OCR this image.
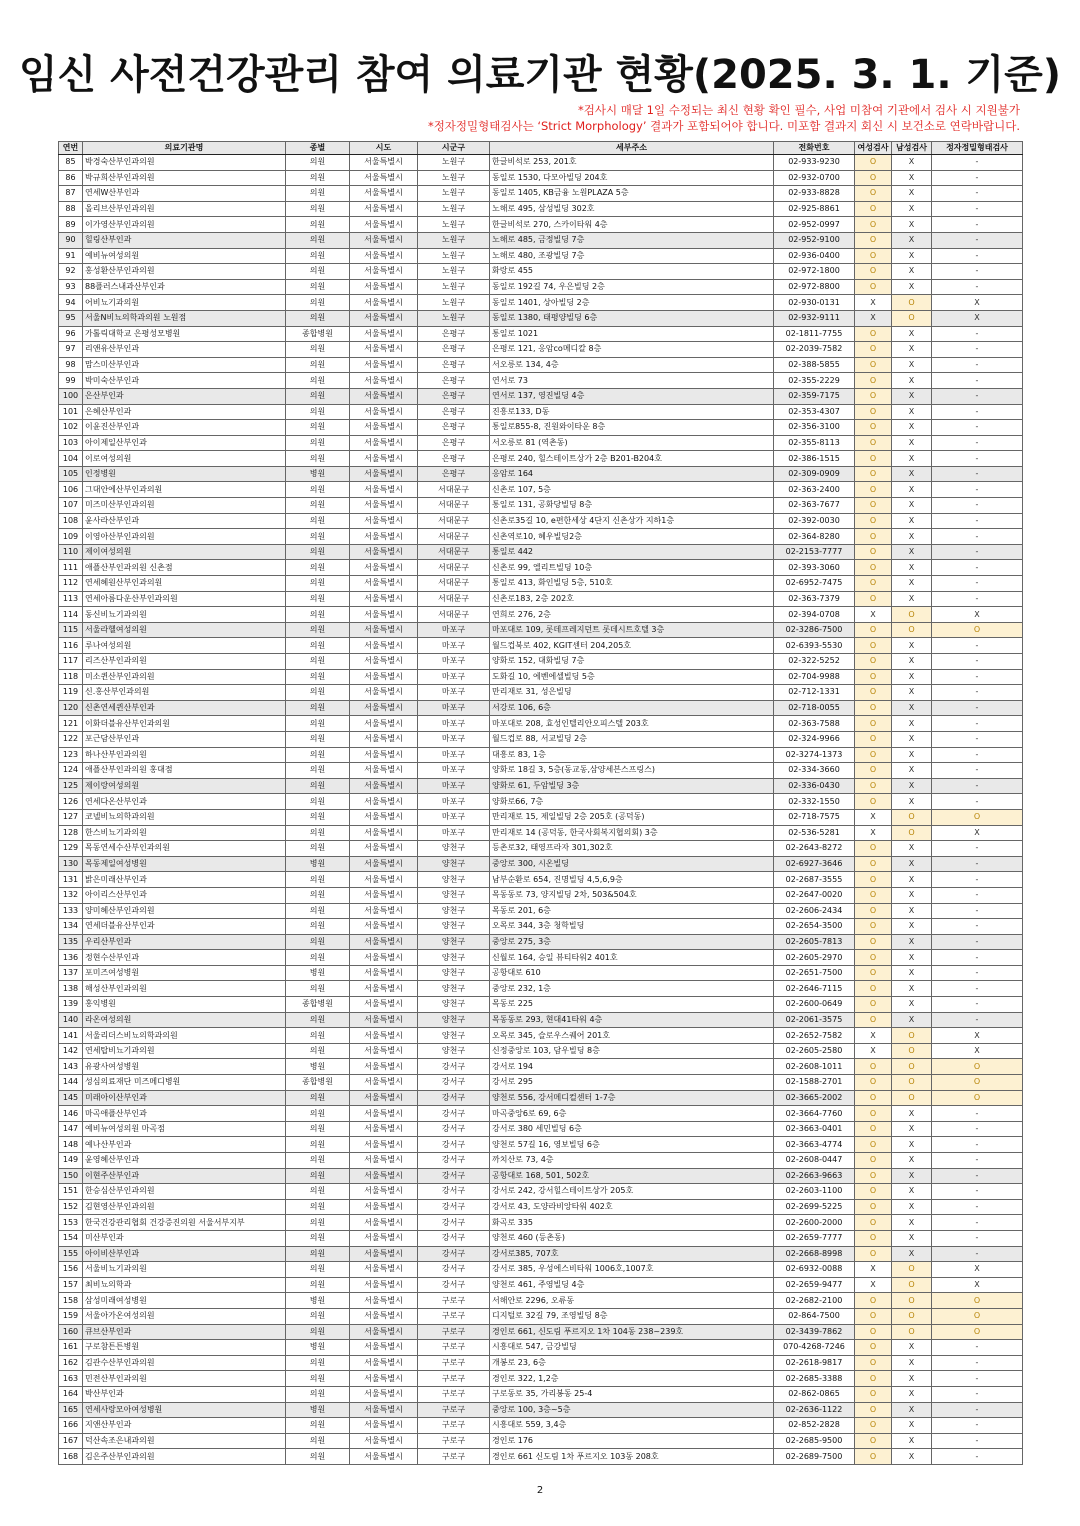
임신 사전건강관리 참여 의료기관 현황(2025. 3. 1. 기준)
*검사시 매달 1일 수정되는 최신 현황 확인 필수, 사업 미참여 기관에서 검사 시 지원불가
*정자정밀형태검사는 ‘Strict Morphology’ 결과가 포함되어야 합니다. 미포함 결과지 회신 시 보건소로 연락바랍니다.
연번	의료기관명	종별	시도	시군구	세부주소	전화번호	여성검사	남성검사	정자정밀형태검사
85	박경숙산부인과의원	의원	서울특별시	노원구	한글비석로 253, 201호	02-933-9230	O	X	-
86	박규희산부인과의원	의원	서울특별시	노원구	동일로 1530, 다모아빌딩 204호	02-932-0700	O	X	-
87	연세W산부인과	의원	서울특별시	노원구	동일로 1405, KB금융 노원PLAZA 5층	02-933-8828	O	X	-
88	올리브산부인과의원	의원	서울특별시	노원구	노해로 495, 삼성빌딩 302호	02-925-8861	O	X	-
89	이가영산부인과의원	의원	서울특별시	노원구	한글비석로 270, 스카이타워 4층	02-952-0997	O	X	-
90	힐링산부인과	의원	서울특별시	노원구	노해로 485, 금정빌딩 7층	02-952-9100	O	X	-
91	예비뉴여성의원	의원	서울특별시	노원구	노해로 480, 조광빌딩 7층	02-936-0400	O	X	-
92	홍성환산부인과의원	의원	서울특별시	노원구	화랑로 455	02-972-1800	O	X	-
93	88플러스내과산부인과	의원	서울특별시	노원구	동일로 192길 74, 우은빌딩 2층	02-972-8800	O	X	-
94	어비뇨기과의원	의원	서울특별시	노원구	동일로 1401, 상아빌딩 2층	02-930-0131	X	O	X
95	서울N비뇨의학과의원 노원점	의원	서울특별시	노원구	동일로 1380, 태평양빌딩 6층	02-932-9111	X	O	X
96	가톨릭대학교 은평성모병원	종합병원	서울특별시	은평구	통일로 1021	02-1811-7755	O	X	-
97	리앤유산부인과	의원	서울특별시	은평구	은평로 121, 응암co메디칼 8층	02-2039-7582	O	X	-
98	맘스미산부인과	의원	서울특별시	은평구	서오릉로 134, 4층	02-388-5855	O	X	-
99	박미숙산부인과	의원	서울특별시	은평구	연서로 73	02-355-2229	O	X	-
100	은산부인과	의원	서울특별시	은평구	연서로 137, 영진빌딩 4층	02-359-7175	O	X	-
101	은혜산부인과	의원	서울특별시	은평구	진흥로133, D동	02-353-4307	O	X	-
102	이윤진산부인과	의원	서울특별시	은평구	통일로855-8, 진원와이타운 8층	02-356-3100	O	X	-
103	아이제일산부인과	의원	서울특별시	은평구	서오릉로 81 (역촌동)	02-355-8113	O	X	-
104	이로여성의원	의원	서울특별시	은평구	은평로 240, 힐스테이트상가 2층 B201-B204호	02-386-1515	O	X	-
105	인정병원	병원	서울특별시	은평구	응암로 164	02-309-0909	O	X	-
106	그대안에산부인과의원	의원	서울특별시	서대문구	신촌로 107, 5층	02-363-2400	O	X	-
107	미즈미산부인과의원	의원	서울특별시	서대문구	통일로 131, 공화당빌딩 8층	02-363-7677	O	X	-
108	윤사라산부인과	의원	서울특별시	서대문구	신촌로35길 10, e편한세상 4단지 신촌상가 지하1층	02-392-0030	O	X	-
109	이영아산부인과의원	의원	서울특별시	서대문구	신촌역로10, 혜우빌딩2층	02-364-8280	O	X	-
110	제이여성의원	의원	서울특별시	서대문구	통일로 442	02-2153-7777	O	X	-
111	애플산부인과의원 신촌점	의원	서울특별시	서대문구	신촌로 99, 엘리트빌딩 10층	02-393-3060	O	X	-
112	연세혜원산부인과의원	의원	서울특별시	서대문구	통일로 413, 화인빌딩 5층, 510호	02-6952-7475	O	X	-
113	연세아름다운산부인과의원	의원	서울특별시	서대문구	신촌로183, 2층 202호	02-363-7379	O	X	-
114	동신비뇨기과의원	의원	서울특별시	서대문구	연희로 276, 2층	02-394-0708	X	O	X
115	서울라헬여성의원	의원	서울특별시	마포구	마포대로 109, 롯데프레지던트 롯데시트호텔 3층	02-3286-7500	O	O	O
116	루나여성의원	의원	서울특별시	마포구	월드컵북로 402, KGIT센터 204,205호	02-6393-5530	O	X	-
117	리즈산부인과의원	의원	서울특별시	마포구	양화로 152, 대화빌딩 7층	02-322-5252	O	X	-
118	미소퀸산부인과의원	의원	서울특별시	마포구	도화길 10, 에벤에셀빌딩 5층	02-704-9988	O	X	-
119	신.홍산부인과의원	의원	서울특별시	마포구	만리재로 31, 성은빌딩	02-712-1331	O	X	-
120	신촌연세퀸산부인과	의원	서울특별시	마포구	서강로 106, 6층	02-718-0055	O	X	-
121	이화더블유산부인과의원	의원	서울특별시	마포구	마포대로 208, 효성인텔리안오피스텔 203호	02-363-7588	O	X	-
122	포근담산부인과	의원	서울특별시	마포구	월드컵로 88, 서교빌딩 2층	02-324-9966	O	X	-
123	하나산부인과의원	의원	서울특별시	마포구	대흥로 83, 1층	02-3274-1373	O	X	-
124	애플산부인과의원 홍대점	의원	서울특별시	마포구	양화로 18길 3, 5층(동교동,삼양세븐스프링스)	02-334-3660	O	X	-
125	제이랑여성의원	의원	서울특별시	마포구	양화로 61, 두암빌딩 3층	02-336-0430	O	X	-
126	연세다온산부인과	의원	서울특별시	마포구	양화로66, 7층	02-332-1550	O	X	-
127	코넬비뇨의학과의원	의원	서울특별시	마포구	만리재로 15, 제일빌딩 2층 205호 (공덕동)	02-718-7575	X	O	O
128	한스비뇨기과의원	의원	서울특별시	마포구	만리재로 14 (공덕동, 한국사회복지협의회) 3층	02-536-5281	X	O	X
129	목동연세수산부인과의원	의원	서울특별시	양천구	등촌로32, 태영프라자 301,302호	02-2643-8272	O	X	-
130	목동제일여성병원	병원	서울특별시	양천구	중앙로 300, 시온빌딩	02-6927-3646	O	X	-
131	밝은미래산부인과	의원	서울특별시	양천구	남부순환로 654, 진명빌딩 4,5,6,9층	02-2687-3555	O	X	-
132	아이리스산부인과	의원	서울특별시	양천구	목동동로 73, 양지빌딩 2차, 503&504호	02-2647-0020	O	X	-
133	양미혜산부인과의원	의원	서울특별시	양천구	목동로 201, 6층	02-2606-2434	O	X	-
134	연세더블유산부인과	의원	서울특별시	양천구	오목로 344, 3층 청학빌딩	02-2654-3500	O	X	-
135	우리산부인과	의원	서울특별시	양천구	중앙로 275, 3층	02-2605-7813	O	X	-
136	정현수산부인과	의원	서울특별시	양천구	신월로 164, 승일 뷰티타워2 401호	02-2605-2970	O	X	-
137	포미즈여성병원	병원	서울특별시	양천구	공항대로 610	02-2651-7500	O	X	-
138	해성산부인과의원	의원	서울특별시	양천구	중앙로 232, 1층	02-2646-7115	O	X	-
139	홍익병원	종합병원	서울특별시	양천구	목동로 225	02-2600-0649	O	X	-
140	라온여성의원	의원	서울특별시	양천구	목동동로 293, 현대41타워 4층	02-2061-3575	O	X	-
141	서울리더스비뇨의학과의원	의원	서울특별시	양천구	오목로 345, 슬로우스퀘어 201호	02-2652-7582	X	O	X
142	연세탑비뇨기과의원	의원	서울특별시	양천구	신정중앙로 103, 담우빌딩 8층	02-2605-2580	X	O	X
143	유광사여성병원	병원	서울특별시	강서구	강서로 194	02-2608-1011	O	O	O
144	성심의료재단 미즈메디병원	종합병원	서울특별시	강서구	강서로 295	02-1588-2701	O	O	O
145	미래아이산부인과	의원	서울특별시	강서구	양천로 556, 강서메디컬센터 1-7층	02-3665-2002	O	O	O
146	마곡애플산부인과	의원	서울특별시	강서구	마곡중앙6로 69, 6층	02-3664-7760	O	X	-
147	예비뉴여성의원 마곡점	의원	서울특별시	강서구	강서로 380 세민빌딩 6층	02-3663-0401	O	X	-
148	예나산부인과	의원	서울특별시	강서구	양천로 57길 16, 영보빌딩 6층	02-3663-4774	O	X	-
149	윤영혜산부인과	의원	서울특별시	강서구	까치산로 73, 4층	02-2608-0447	O	X	-
150	이현주산부인과	의원	서울특별시	강서구	공항대로 168, 501, 502호	02-2663-9663	O	X	-
151	한승심산부인과의원	의원	서울특별시	강서구	강서로 242, 강서힐스테이트상가 205호	02-2603-1100	O	X	-
152	김현영산부인과의원	의원	서울특별시	강서구	강서로 43, 도양라비앙타워 402호	02-2699-5225	O	X	-
153	한국건강관리협회 건강증진의원 서울서부지부	의원	서울특별시	강서구	화곡로 335	02-2600-2000	O	X	-
154	미산부인과	의원	서울특별시	강서구	양천로 460 (등촌동)	02-2659-7777	O	X	-
155	아이비산부인과	의원	서울특별시	강서구	강서로385, 707호	02-2668-8998	O	X	-
156	서울비뇨기과의원	의원	서울특별시	강서구	강서로 385, 우성에스비타워 1006호,1007호	02-6932-0088	X	O	X
157	최비뇨의학과	의원	서울특별시	강서구	양천로 461, 주영빌딩 4층	02-2659-9477	X	O	X
158	삼성미래여성병원	병원	서울특별시	구로구	서해안로 2296, 오류동	02-2682-2100	O	O	O
159	서울아가온여성의원	의원	서울특별시	구로구	디지털로 32길 79, 조영빌딩 8층	02-864-7500	O	O	O
160	큐브산부인과	의원	서울특별시	구로구	경인로 661, 신도림 푸르지오 1차 104동 238~239호	02-3439-7862	O	O	O
161	구로참튼튼병원	병원	서울특별시	구로구	시흥대로 547, 금강빌딩	070-4268-7246	O	X	-
162	김관수산부인과의원	의원	서울특별시	구로구	개봉로 23, 6층	02-2618-9817	O	X	-
163	민전산부인과의원	의원	서울특별시	구로구	경인로 322, 1,2층	02-2685-3388	O	X	-
164	박산부인과	의원	서울특별시	구로구	구로동로 35, 가리봉동 25-4	02-862-0865	O	X	-
165	연세사랑모아여성병원	병원	서울특별시	구로구	중앙로 100, 3층~5층	02-2636-1122	O	X	-
166	지앤산부인과	의원	서울특별시	구로구	시흥대로 559, 3,4층	02-852-2828	O	X	-
167	덕산속조은내과의원	의원	서울특별시	구로구	경인로 176	02-2685-9500	O	X	-
168	김은주산부인과의원	의원	서울특별시	구로구	경인로 661 신도림 1차 푸르지오 103동 208호	02-2689-7500	O	X	-
2
